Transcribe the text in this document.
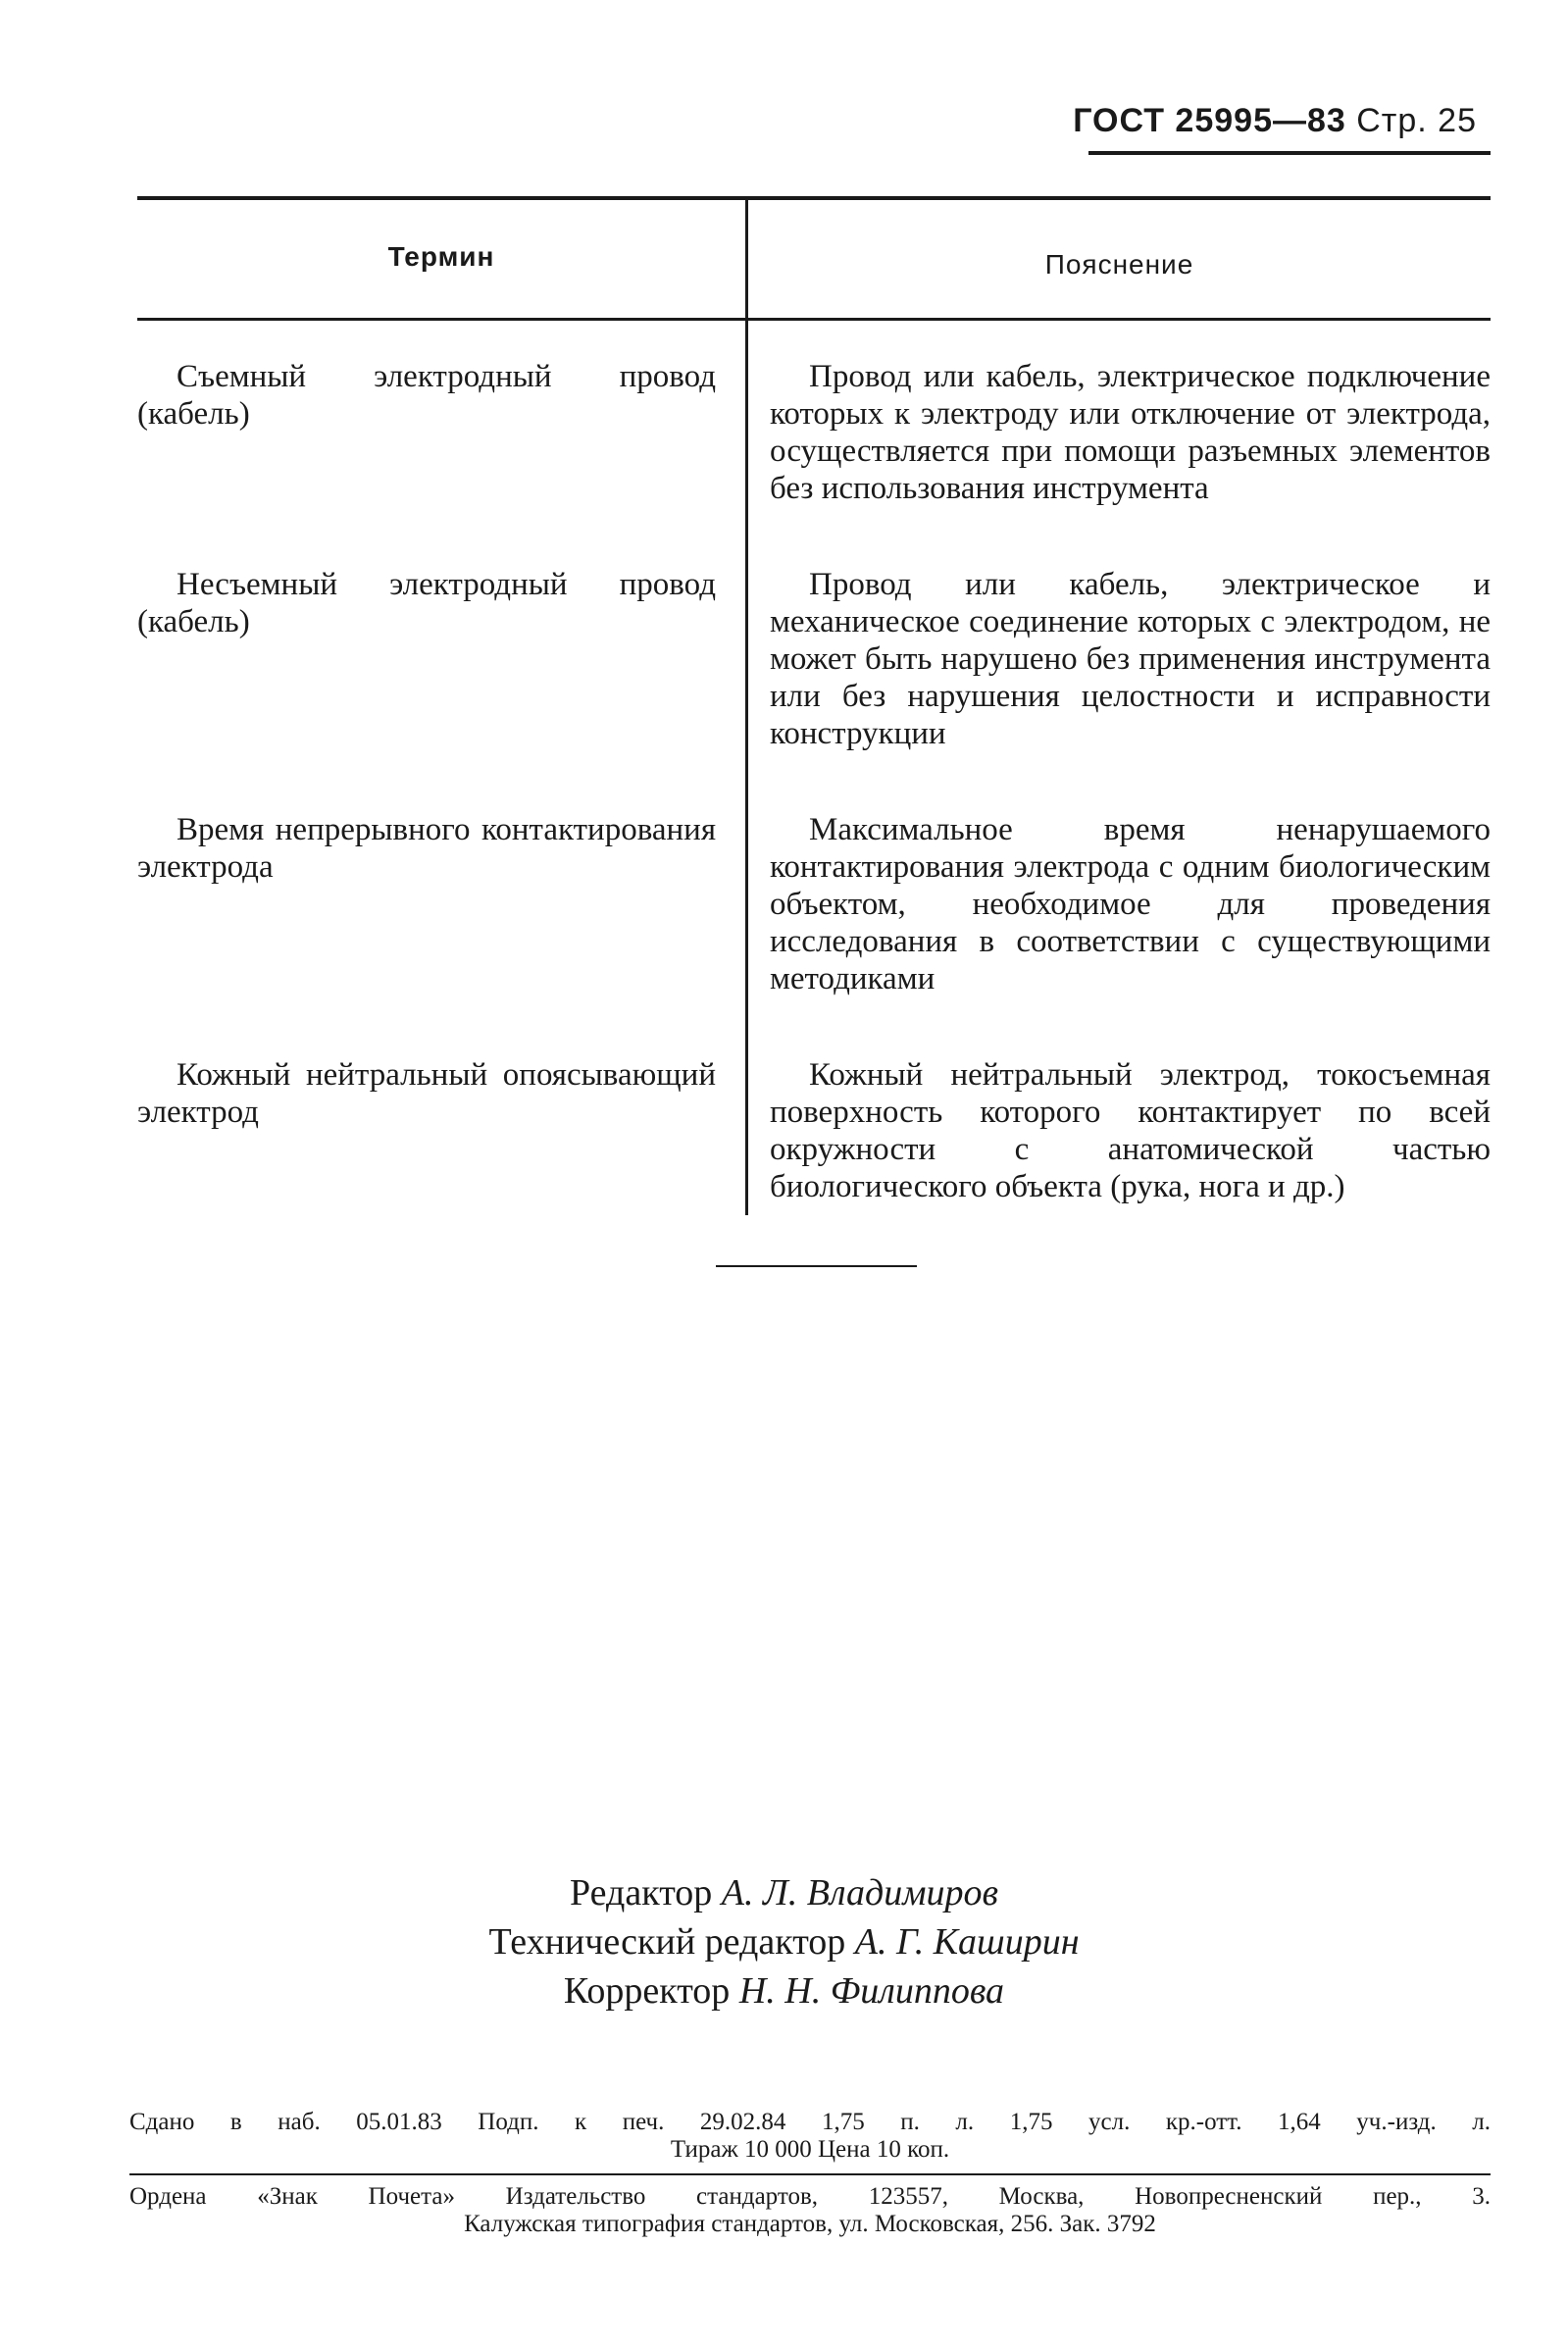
ГОСТ 25995—83 Стр. 25
Термин	Пояснение
Съемный электродный провод (кабель)
Провод или кабель, электрическое подключение которых к электроду или отключение от электрода, осуществляется при помощи разъемных элементов без использования инструмента
Несъемный электродный провод (кабель)
Провод или кабель, электрическое и механическое соединение которых с электродом, не может быть нарушено без применения инструмента или без нарушения целостности и исправности конструкции
Время непрерывного контактирования электрода
Максимальное время ненарушаемого контактирования электрода с одним биологическим объектом, необходимое для проведения исследования в соответствии с существующими методиками
Кожный нейтральный опоясывающий электрод
Кожный нейтральный электрод, токосъемная поверхность которого контактирует по всей окружности с анатомической частью биологического объекта (рука, нога и др.)
Редактор А. Л. Владимиров
Технический редактор А. Г. Каширин
Корректор Н. Н. Филиппова
Сдано в наб. 05.01.83 Подп. к печ. 29.02.84 1,75 п. л. 1,75 усл. кр.-отт. 1,64 уч.-изд. л.
Тираж 10 000 Цена 10 коп.
Ордена «Знак Почета» Издательство стандартов, 123557, Москва, Новопресненский пер., 3.
Калужская типография стандартов, ул. Московская, 256. Зак. 3792
